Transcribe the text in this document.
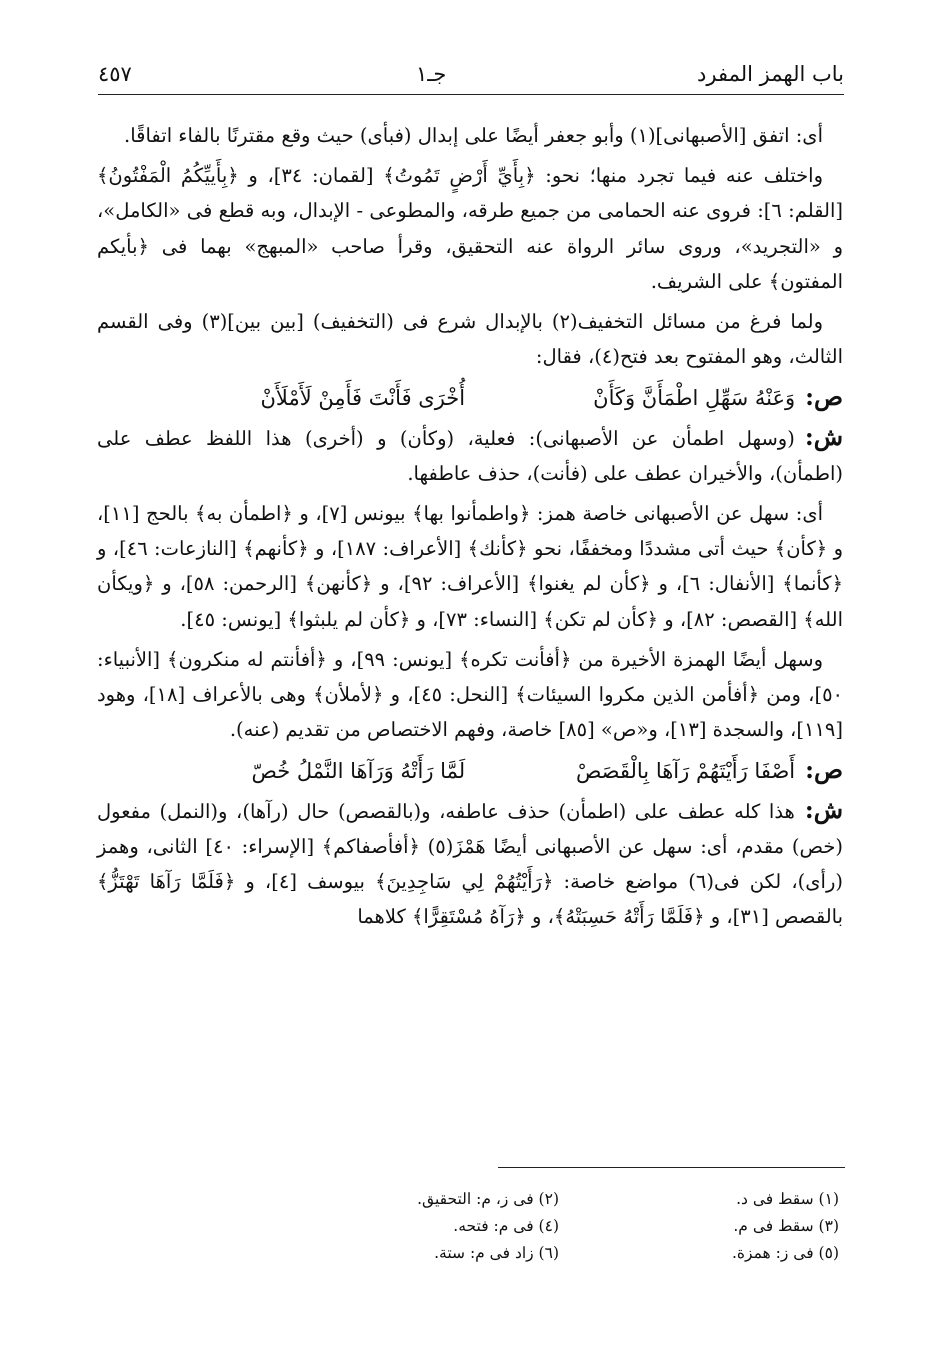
باب الهمز المفرد
جـ١
٤٥٧

أى: اتفق [الأصبهانى](١) وأبو جعفر أيضًا على إبدال (فبأى) حيث وقع مقترنًا بالفاء اتفاقًا.

واختلف عنه فيما تجرد منها؛ نحو: ﴿بِأَيِّ أَرْضٍ تَمُوتُ﴾ [لقمان: ٣٤]، و ﴿بِأَييِّكُمُ الْمَفْتُونُ﴾ [القلم: ٦]: فروى عنه الحمامى من جميع طرقه، والمطوعى - الإبدال، وبه قطع فى «الكامل»، و «التجريد»، وروى سائر الرواة عنه التحقيق، وقرأ صاحب «المبهج» بهما فى ﴿بأيكم المفتون﴾ على الشريف.

ولما فرغ من مسائل التخفيف(٢) بالإبدال شرع فى (التخفيف) [بين بين](٣) وفى القسم الثالث، وهو المفتوح بعد فتح(٤)، فقال:

ص:وَعَنْهُ سَهِّلِ اطْمَأَنَّ وَكَأَنْأُخْرَى فَأَنْتَ فَأَمِنْ لَأَمْلَأَنْ

ش:(وسهل اطمأن عن الأصبهانى): فعلية، (وكأن) و (أخرى) هذا اللفظ عطف على (اطمأن)، والأخيران عطف على (فأنت)، حذف عاطفها.

أى: سهل عن الأصبهانى خاصة همز: ﴿واطمأنوا بها﴾ بيونس [٧]، و ﴿اطمأن به﴾ بالحج [١١]، و ﴿كأن﴾ حيث أتى مشددًا ومخففًا، نحو ﴿كأنك﴾ [الأعراف: ١٨٧]، و ﴿كأنهم﴾ [النازعات: ٤٦]، و ﴿كأنما﴾ [الأنفال: ٦]، و ﴿كأن لم يغنوا﴾ [الأعراف: ٩٢]، و ﴿كأنهن﴾ [الرحمن: ٥٨]، و ﴿ويكأن الله﴾ [القصص: ٨٢]، و ﴿كأن لم تكن﴾ [النساء: ٧٣]، و ﴿كأن لم يلبثوا﴾ [يونس: ٤٥].

وسهل أيضًا الهمزة الأخيرة من ﴿أفأنت تكره﴾ [يونس: ٩٩]، و ﴿أفأنتم له منكرون﴾ [الأنبياء: ٥٠]، ومن ﴿أفأمن الذين مكروا السيئات﴾ [النحل: ٤٥]، و ﴿لأملأن﴾ وهى بالأعراف [١٨]، وهود [١١٩]، والسجدة [١٣]، و«ص» [٨٥] خاصة، وفهم الاختصاص من تقديم (عنه).

ص:أَصْفَا رَأَيْتَهُمْ رَآهَا بِالْقَصَصْلَمَّا رَأَتْهُ وَرَآهَا النَّمْلُ خُصّ

ش:هذا كله عطف على (اطمأن) حذف عاطفه، و(بالقصص) حال (رآها)، و(النمل) مفعول (خص) مقدم، أى: سهل عن الأصبهانى أيضًا هَمْزَ(٥) ﴿أفأصفاكم﴾ [الإسراء: ٤٠] الثانى، وهمز (رأى)، لكن فى(٦) مواضع خاصة: ﴿رَأَيْتُهُمْ لِي سَاجِدِينَ﴾ بيوسف [٤]، و ﴿فَلَمَّا رَآهَا تَهْتَزُّ﴾ بالقصص [٣١]، و ﴿فَلَمَّا رَأَتْهُ حَسِبَتْهُ﴾، و ﴿رَآهُ مُسْتَقِرًّا﴾ كلاهما

(١) سقط فى د.
(٢) فى ز، م: التحقيق.
(٣) سقط فى م.
(٤) فى م: فتحه.
(٥) فى ز: همزة.
(٦) زاد فى م: ستة.
